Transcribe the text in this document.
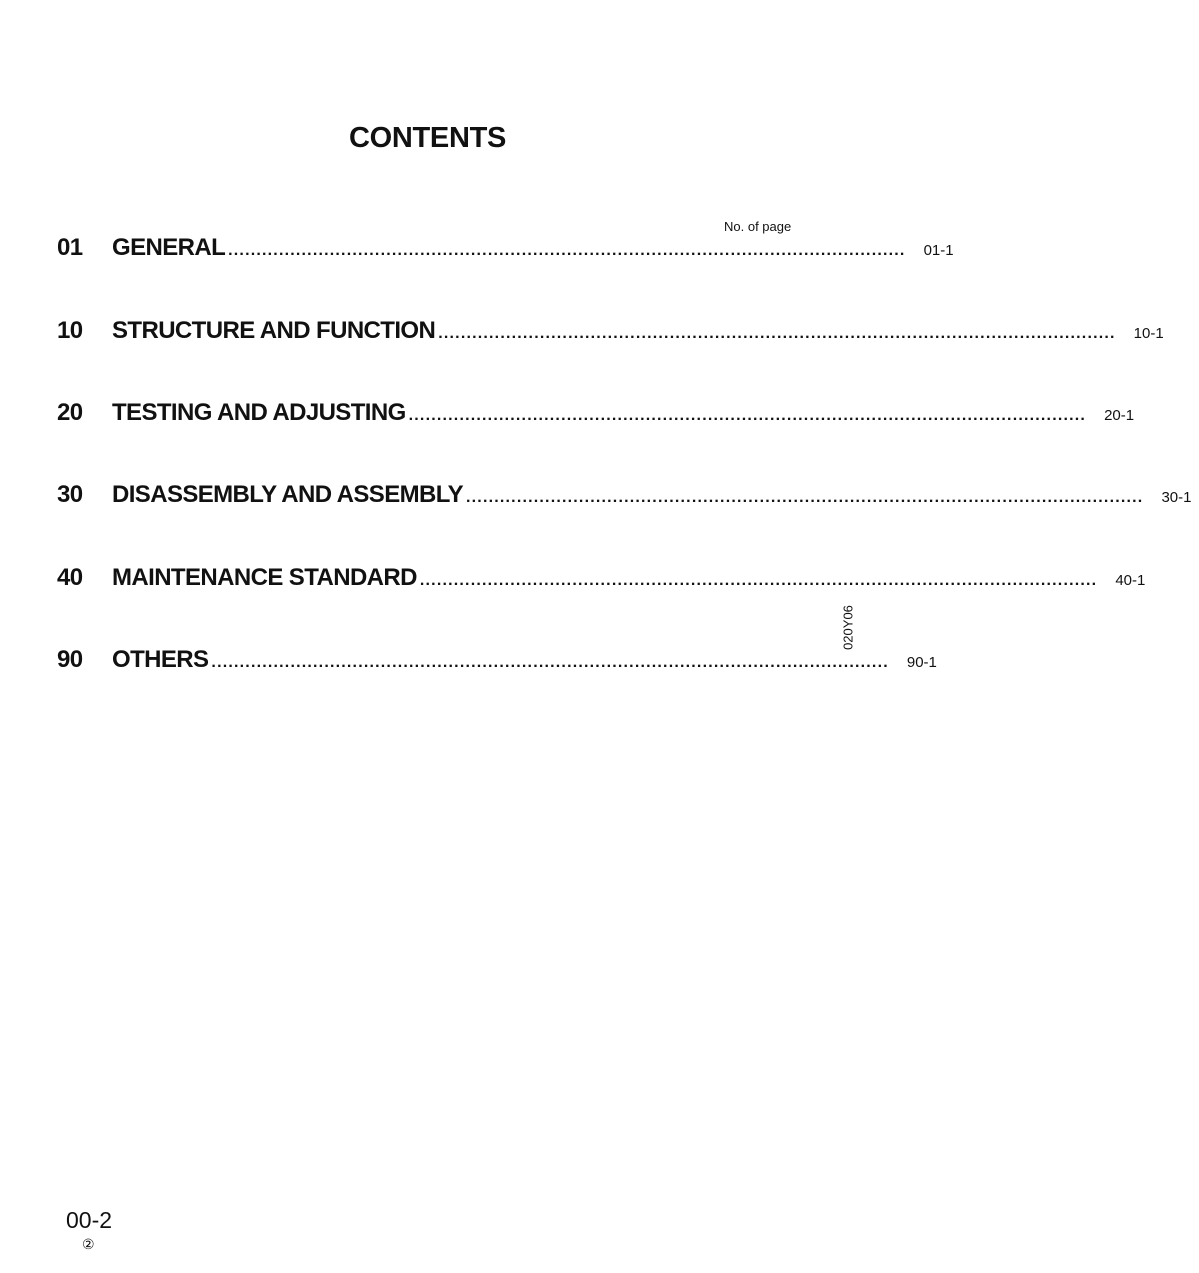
CONTENTS
No. of page
01	GENERAL ........................................................................................................................ 01-1
10	STRUCTURE AND FUNCTION ........................................................................................................................ 10-1
20	TESTING AND ADJUSTING ........................................................................................................................ 20-1
30	DISASSEMBLY AND ASSEMBLY ........................................................................................................................ 30-1
40	MAINTENANCE STANDARD ........................................................................................................................ 40-1
90	OTHERS ........................................................................................................................ 90-1
020Y06
00-2
②
